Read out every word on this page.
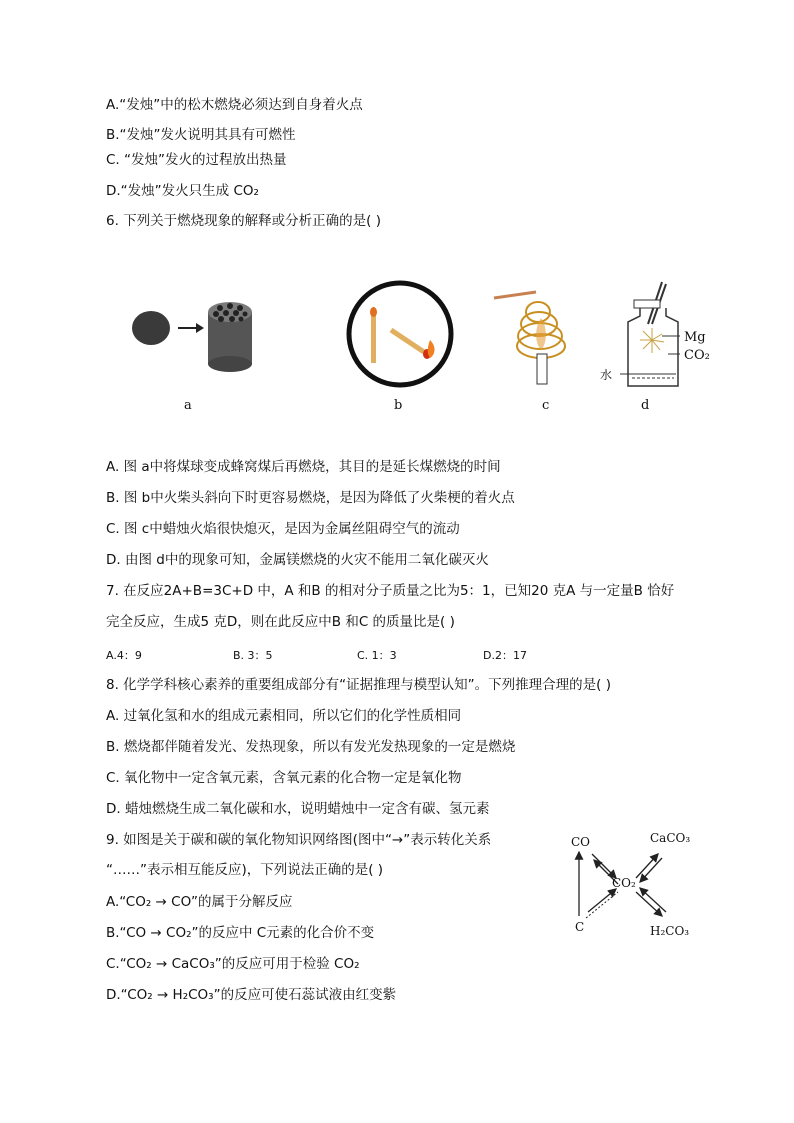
A.“发烛”中的松木燃烧必须达到自身着火点
B.“发烛”发火说明其具有可燃性
C. “发烛”发火的过程放出热量
D.“发烛”发火只生成 CO₂
6. 下列关于燃烧现象的解释或分析正确的是( )
Mg
CO₂
水
a	b	c	d
A. 图 a中将煤球变成蜂窝煤后再燃烧，其目的是延长煤燃烧的时间
B. 图 b中火柴头斜向下时更容易燃烧，是因为降低了火柴梗的着火点
C. 图 c中蜡烛火焰很快熄灭，是因为金属丝阻碍空气的流动
D. 由图 d中的现象可知，金属镁燃烧的火灾不能用二氧化碳灭火
7. 在反应2A+B=3C+D 中，A 和B 的相对分子质量之比为5：1，已知20 克A 与一定量B 恰好
完全反应，生成5 克D，则在此反应中B 和C 的质量比是( )
A.4：9	B. 3：5	C. 1：3	D.2：17
8. 化学学科核心素养的重要组成部分有“证据推理与模型认知”。下列推理合理的是( )
A. 过氧化氢和水的组成元素相同，所以它们的化学性质相同
B. 燃烧都伴随着发光、发热现象，所以有发光发热现象的一定是燃烧
C. 氧化物中一定含氧元素，含氧元素的化合物一定是氧化物
D. 蜡烛燃烧生成二氧化碳和水，说明蜡烛中一定含有碳、氢元素
9. 如图是关于碳和碳的氧化物知识网络图(图中“→”表示转化关系
“……”表示相互能反应)，下列说法正确的是( )
A.“CO₂ → CO”的属于分解反应
B.“CO → CO₂”的反应中 C元素的化合价不变
C.“CO₂ → CaCO₃”的反应可用于检验 CO₂
D.“CO₂ → H₂CO₃”的反应可使石蕊试液由红变紫
CO	CaCO₃
CO₂
C	H₂CO₃
